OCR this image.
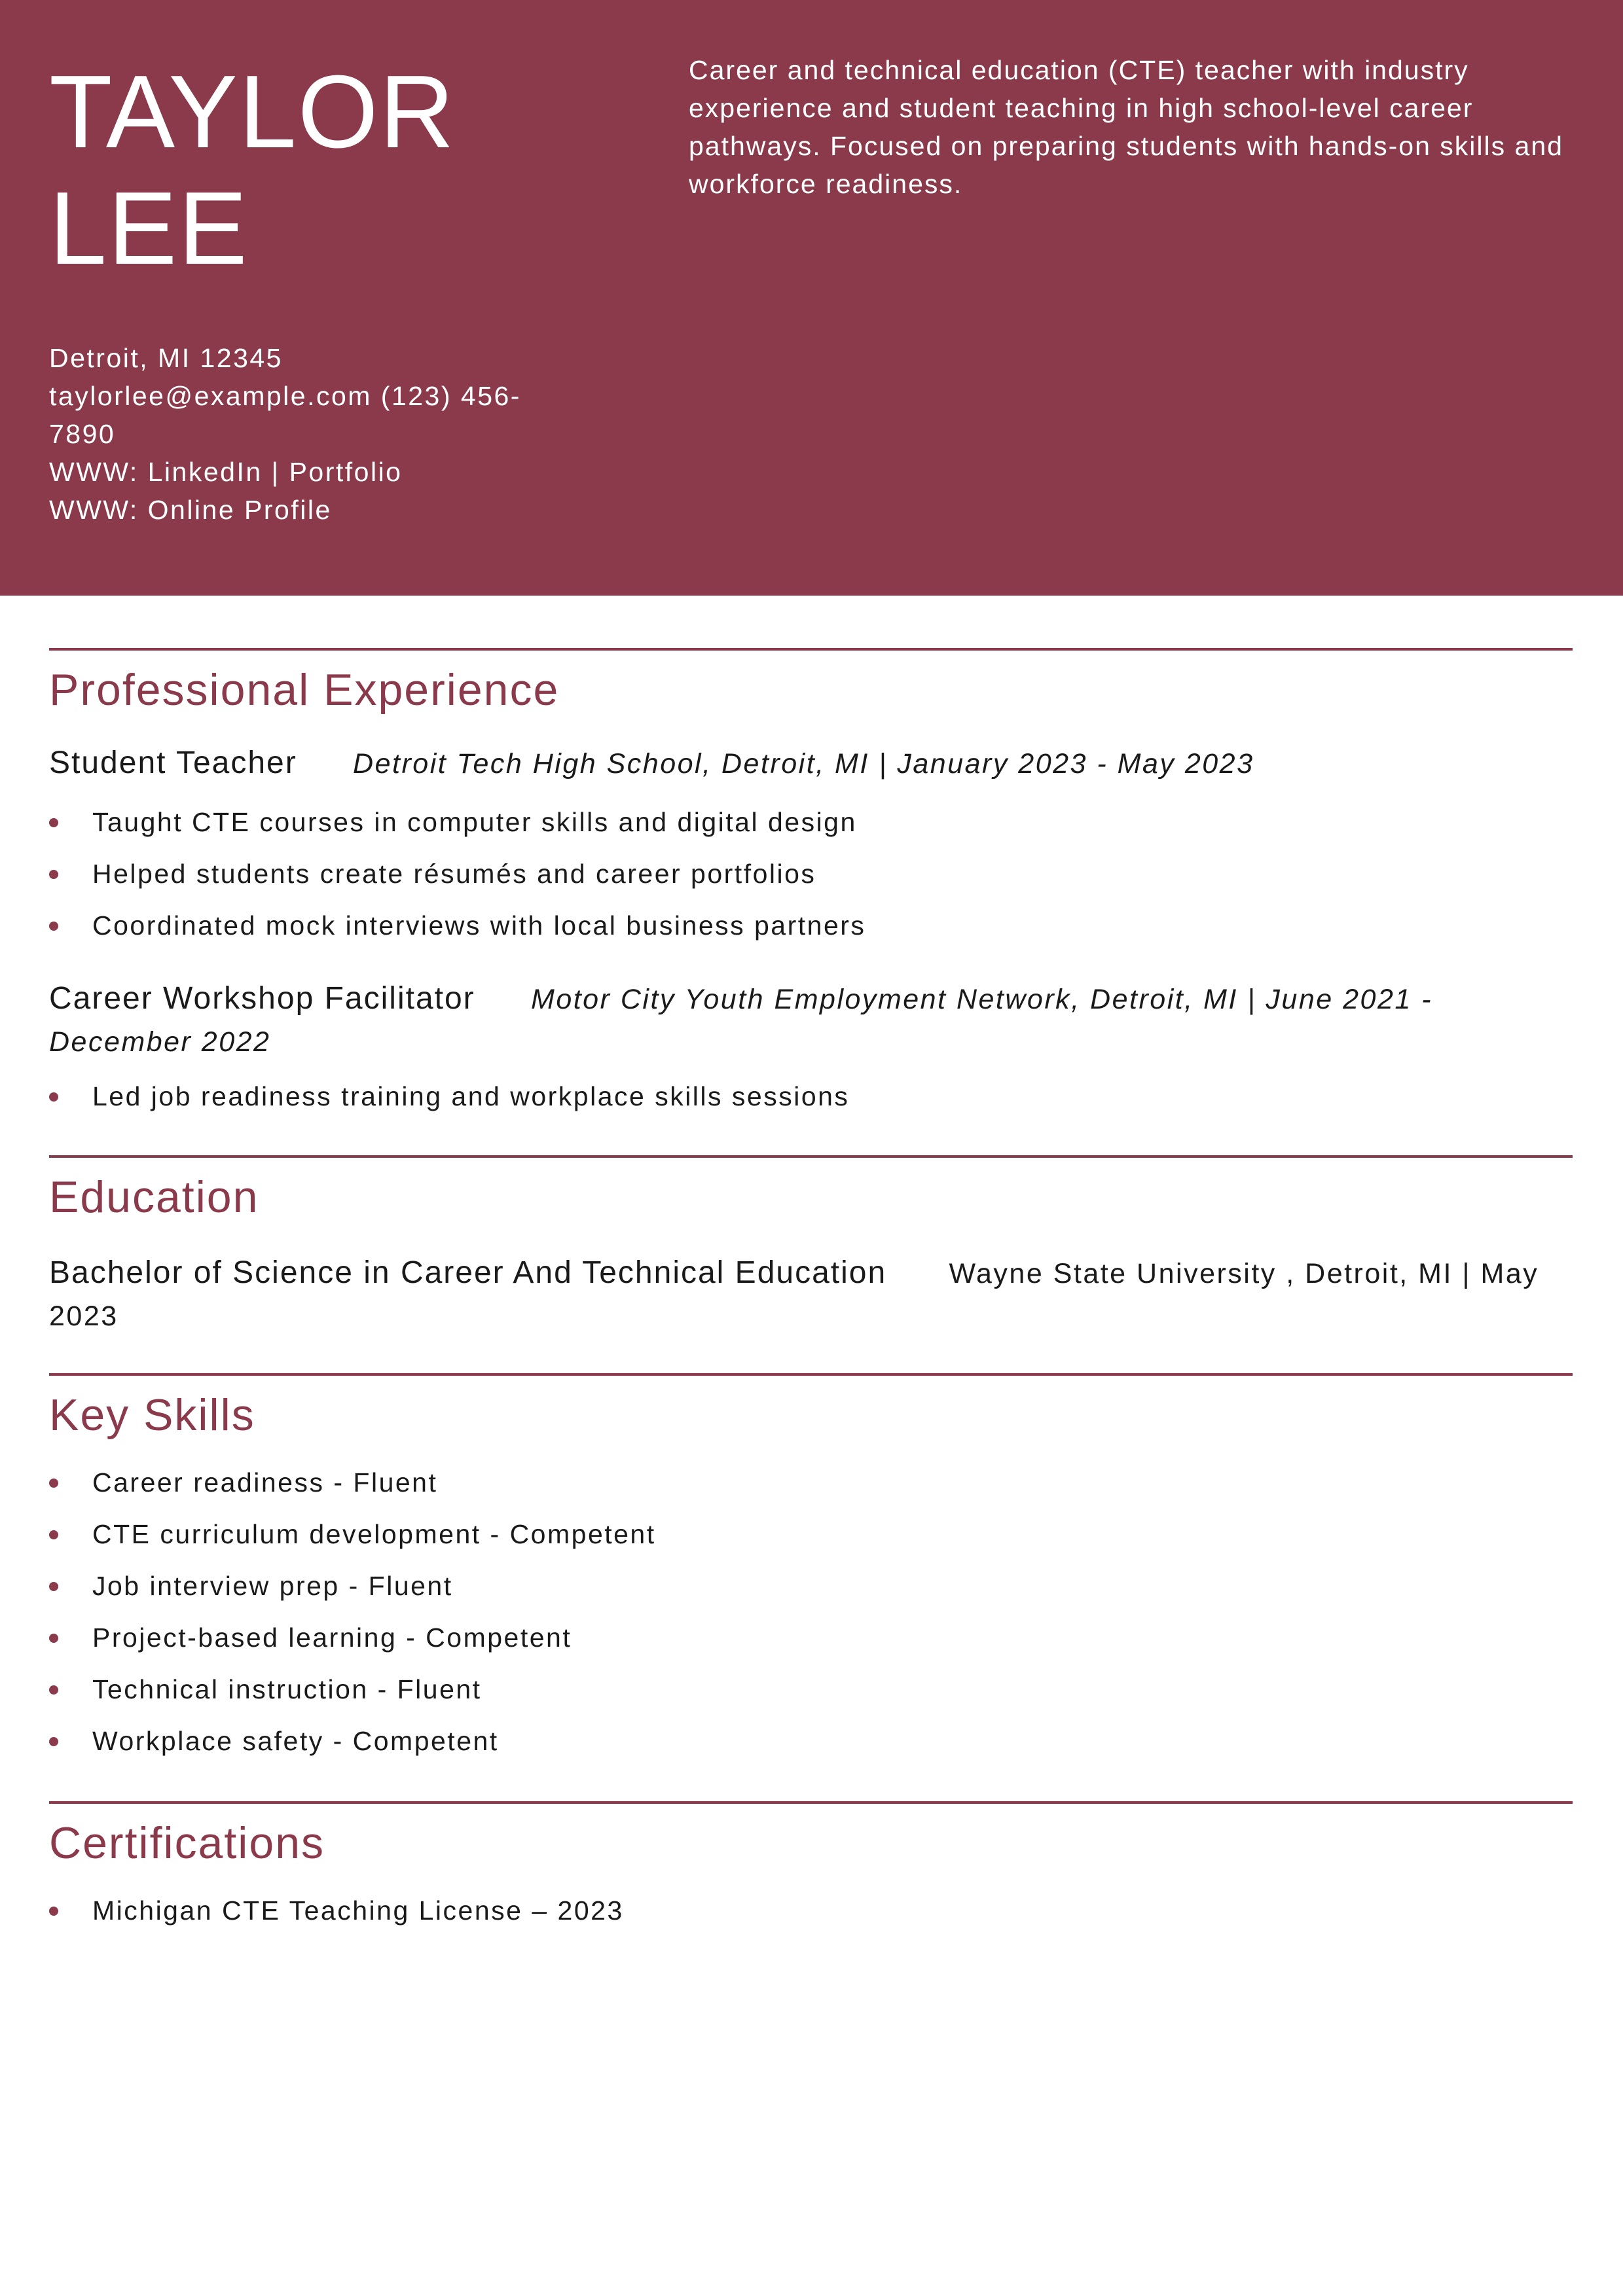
TAYLOR
LEE
Detroit, MI 12345
taylorlee@example.com (123) 456-7890
WWW: LinkedIn | Portfolio
WWW: Online Profile
Career and technical education (CTE) teacher with industry experience and student teaching in high school-level career pathways. Focused on preparing students with hands-on skills and workforce readiness.
Professional Experience
Student Teacher Detroit Tech High School, Detroit, MI | January 2023 - May 2023
Taught CTE courses in computer skills and digital design
Helped students create résumés and career portfolios
Coordinated mock interviews with local business partners
Career Workshop Facilitator Motor City Youth Employment Network, Detroit, MI | June 2021 - December 2022
Led job readiness training and workplace skills sessions
Education
Bachelor of Science in Career And Technical Education Wayne State University , Detroit, MI | May 2023
Key Skills
Career readiness - Fluent
CTE curriculum development - Competent
Job interview prep - Fluent
Project-based learning - Competent
Technical instruction - Fluent
Workplace safety - Competent
Certifications
Michigan CTE Teaching License – 2023
